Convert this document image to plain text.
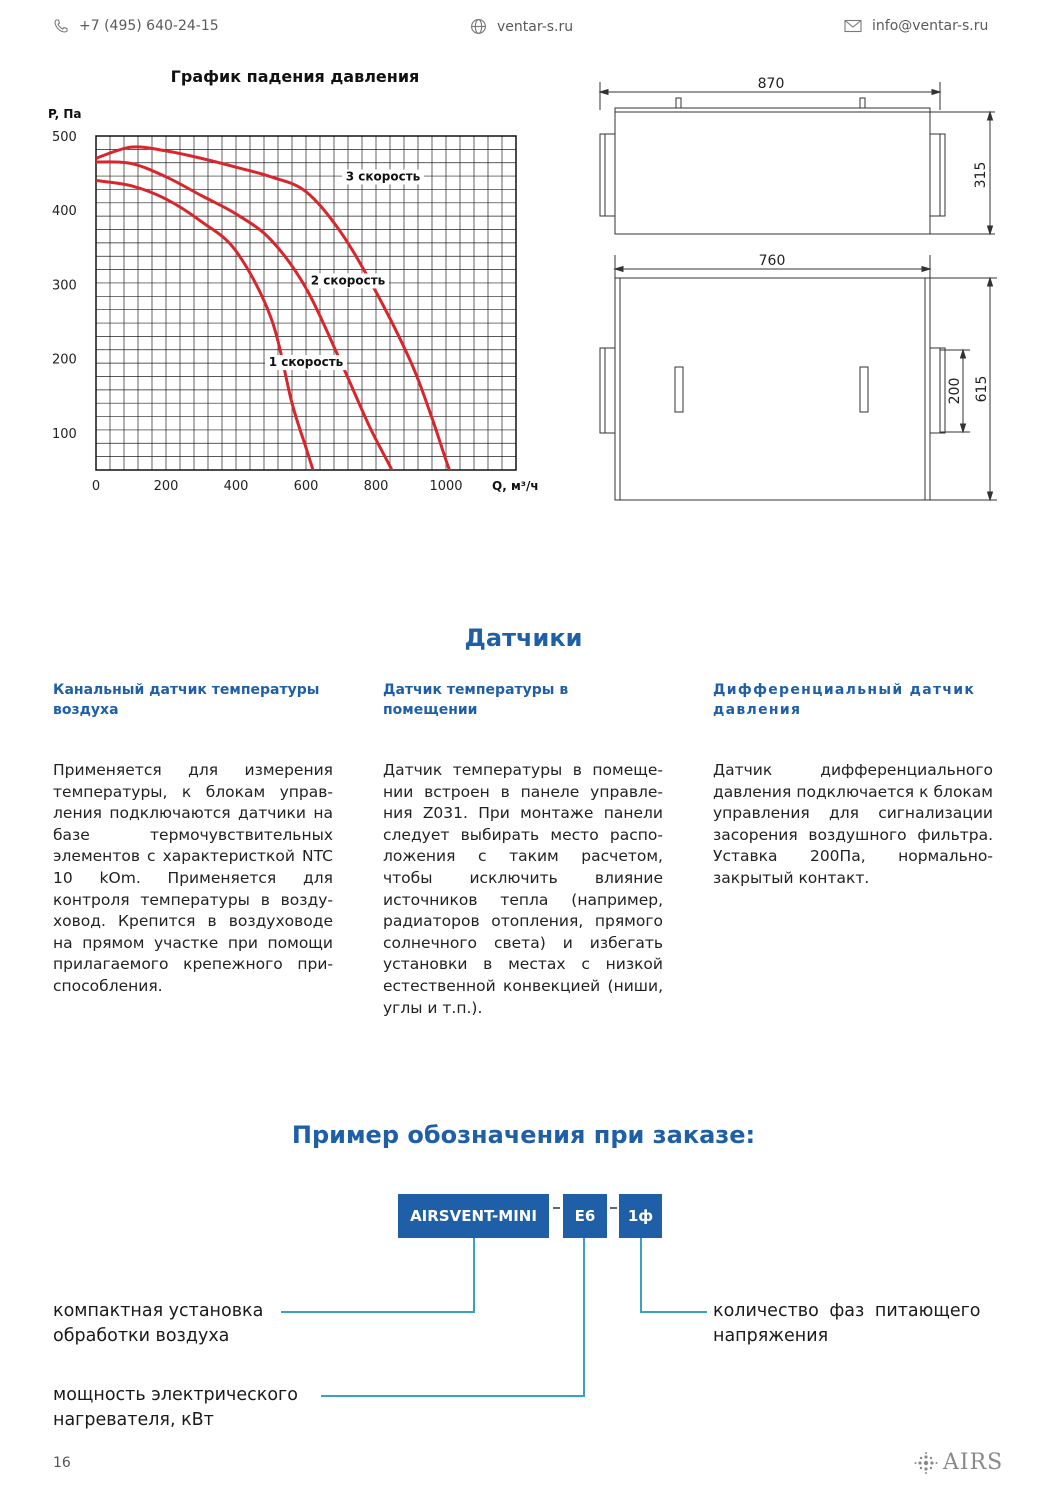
+7 (495) 640-24-15	ventar-s.ru	info@ventar-s.ru
График падения давления
P, Па
Q, м³/ч
0	200	400	600	800	1000
100
200
300
400
500
1 скорость
2 скорость
3 скорость
870
315
760
200 615
Датчики
Канальный датчик температуры воздуха

Применяется для измерения температуры, к блокам управления подключаются датчики на базе термочувствительных элементов с характеристкой NTC 10 kOm. Применяется для контроля температуры в воздуховод. Крепится в воздуховоде на прямом участке при помощи прилагаемого крепежного приспособления.

Датчик температуры в помещении

Датчик температуры в помещении встроен в панеле управления Z031. При монтаже панели следует выбирать место расположения с таким расчетом, чтобы исключить влияние источников тепла (например, радиаторов отопления, прямого солнечного света) и избегать установки в местах с низкой естественной конвекцией (ниши, углы и т.п.).

Дифференциальный датчик давления

Датчик дифференциального давления подключается к блокам управления для сигнализации засорения воздушного фильтра. Уставка 200Па, нормально-закрытый контакт.

Пример обозначения при заказе:
AIRSVENT-MINI	E6	1ф
компактная установка
обработки воздуха
мощность электрического
нагревателя, кВт
количество фаз питающего
напряжения
16	AIRS
